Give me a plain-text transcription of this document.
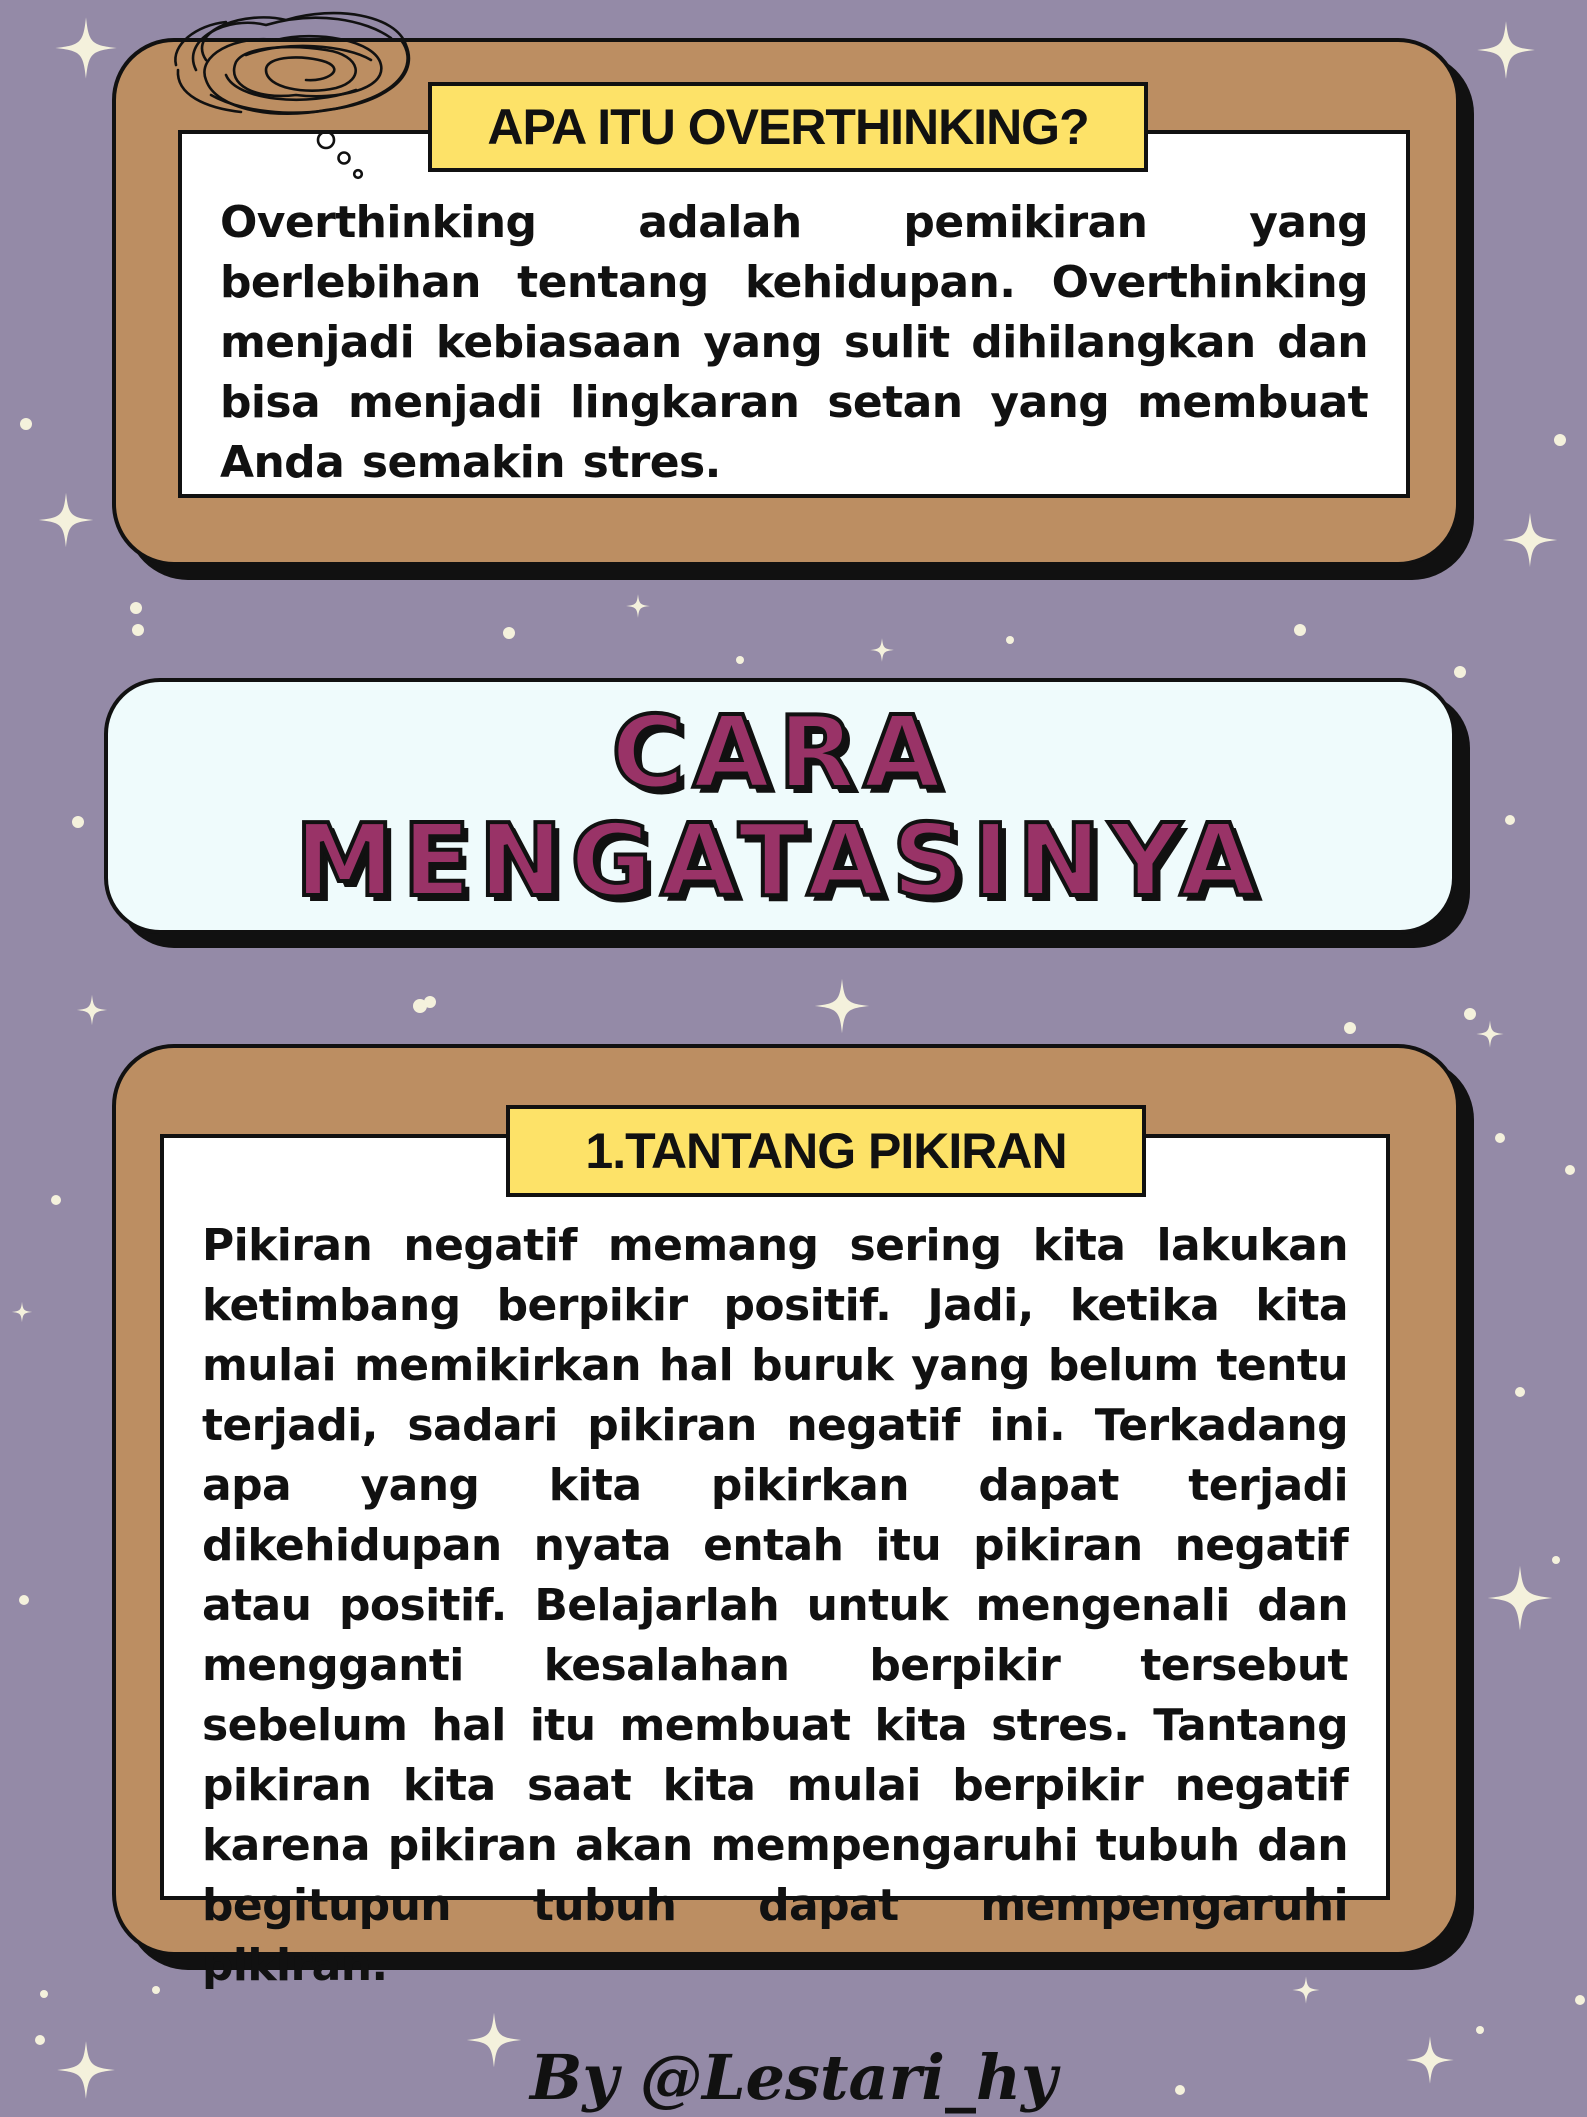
APA ITU OVERTHINKING?

Overthinking adalah pemikiran yang berlebihan tentang kehidupan. Overthinking menjadi kebiasaan yang sulit dihilangkan dan bisa menjadi lingkaran setan yang membuat Anda semakin stres.

CARA

MENGATASINYA

1.TANTANG PIKIRAN

Pikiran negatif memang sering kita lakukan ketimbang berpikir positif. Jadi, ketika kita mulai memikirkan hal buruk yang belum tentu terjadi, sadari pikiran negatif ini. Terkadang apa yang kita pikirkan dapat terjadi dikehidupan nyata entah itu pikiran negatif atau positif. Belajarlah untuk mengenali dan mengganti kesalahan berpikir tersebut sebelum hal itu membuat kita stres. Tantang pikiran kita saat kita mulai berpikir negatif karena pikiran akan mempengaruhi tubuh dan begitupun tubuh dapat mempengaruhi pikiran.

By @Lestari_hy
